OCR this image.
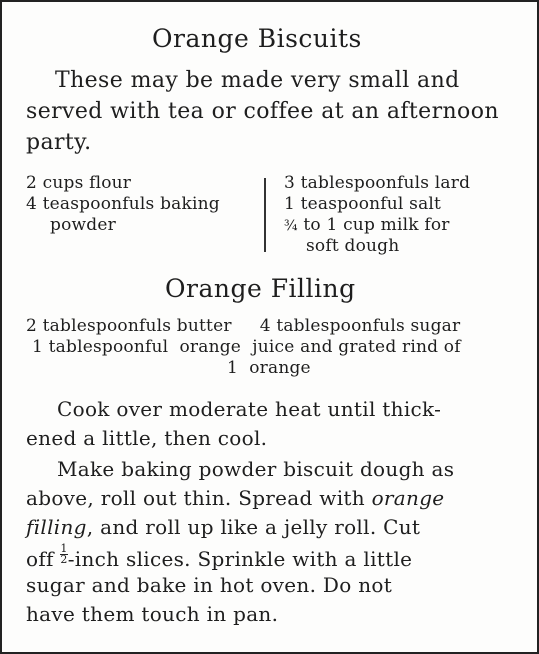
Orange Biscuits
These may be made very small and
served with tea or coffee at an afternoon
party.
2 cups flour
4 teaspoonfuls baking
powder
3 tablespoonfuls lard
1 teaspoonful salt
¾ to 1 cup milk for
soft dough
Orange Filling
2 tablespoonfuls butter     4 tablespoonfuls sugar
1 tablespoonful  orange  juice and grated rind of
1  orange
Cook over moderate heat until thick-
ened a little, then cool.
Make baking powder biscuit dough as
above, roll out thin. Spread with orange
filling, and roll up like a jelly roll. Cut
off $\frac{1}{2}$ -inch slices. Sprinkle with a little
sugar and bake in hot oven. Do not
have them touch in pan.
